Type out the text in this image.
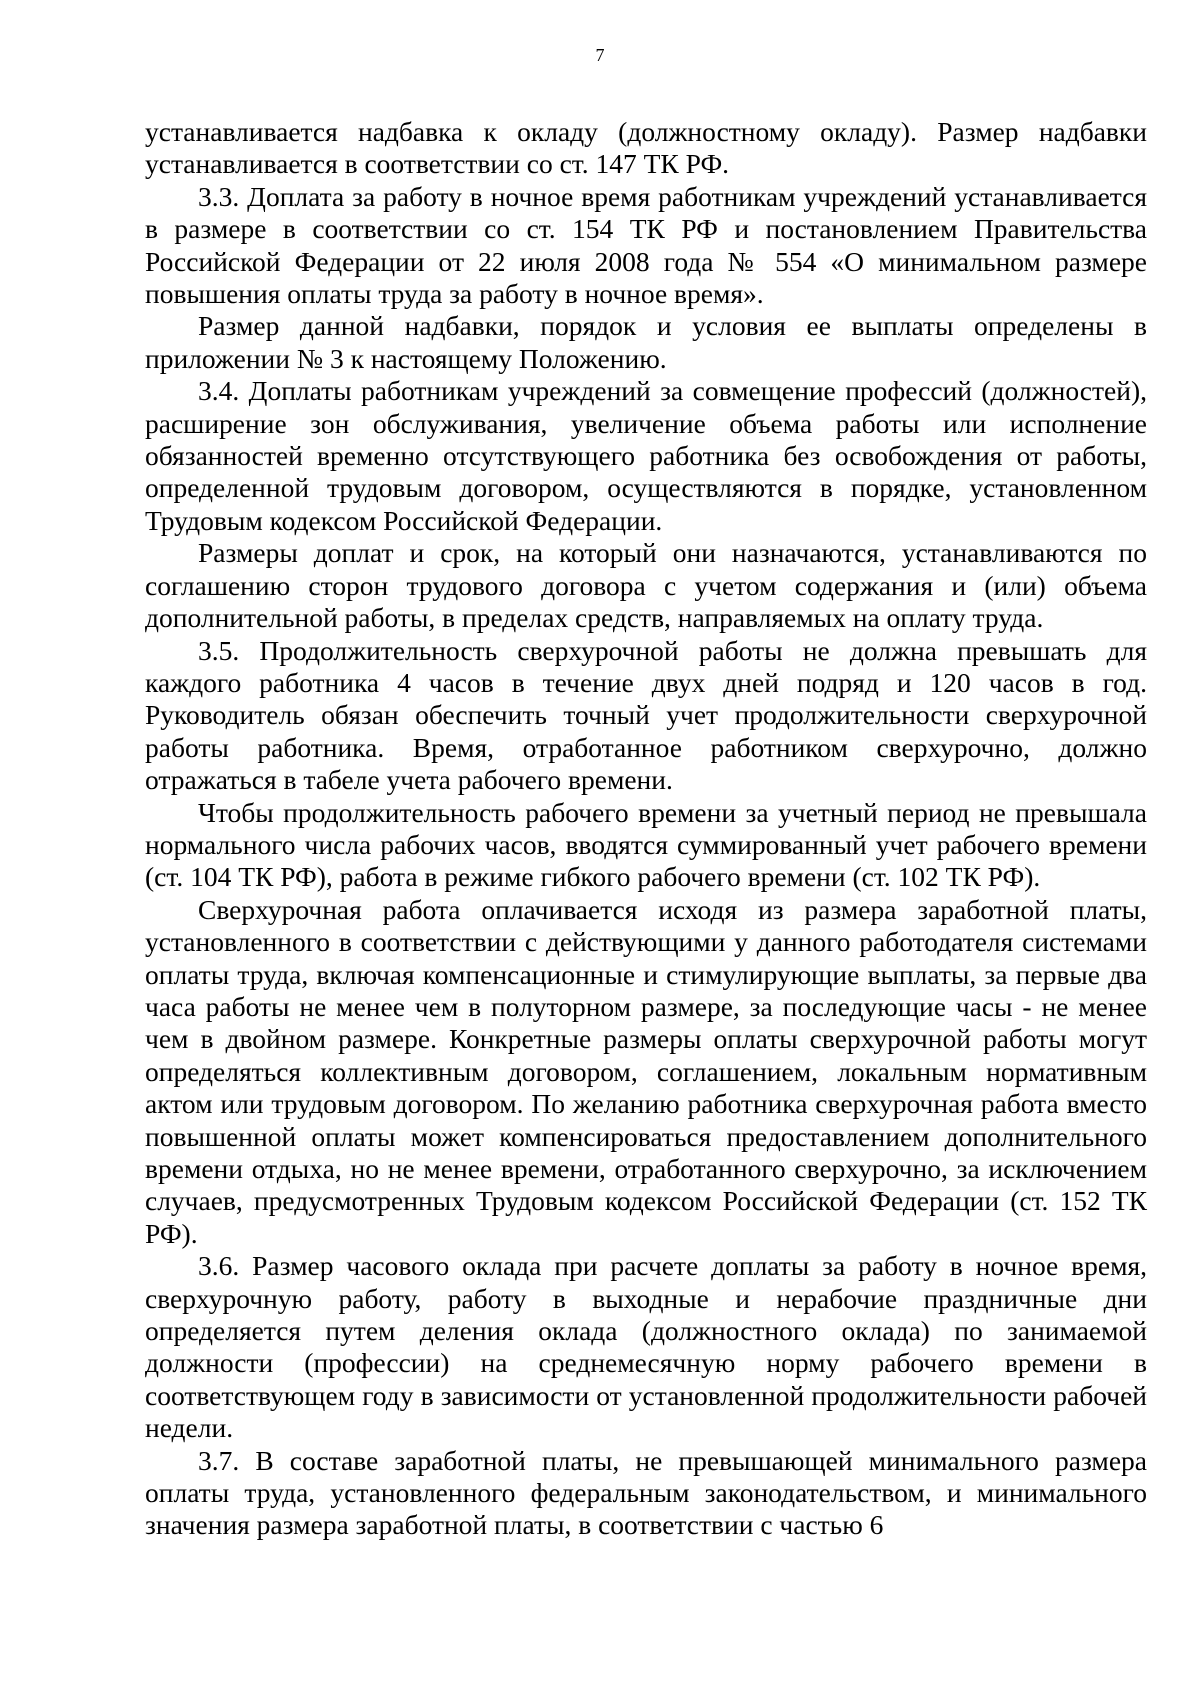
7

устанавливается надбавка к окладу (должностному окладу). Размер надбавки устанавливается в соответствии со ст. 147 ТК РФ.

3.3. Доплата за работу в ночное время работникам учреждений устанавливается в размере в соответствии со ст. 154 ТК РФ и постановлением Правительства Российской Федерации от 22 июля 2008 года № 554 «О минимальном размере повышения оплаты труда за работу в ночное время».

Размер данной надбавки, порядок и условия ее выплаты определены в приложении № 3 к настоящему Положению.

3.4. Доплаты работникам учреждений за совмещение профессий (должностей), расширение зон обслуживания, увеличение объема работы или исполнение обязанностей временно отсутствующего работника без освобождения от работы, определенной трудовым договором, осуществляются в порядке, установленном Трудовым кодексом Российской Федерации.

Размеры доплат и срок, на который они назначаются, устанавливаются по соглашению сторон трудового договора с учетом содержания и (или) объема дополнительной работы, в пределах средств, направляемых на оплату труда.

3.5. Продолжительность сверхурочной работы не должна превышать для каждого работника 4 часов в течение двух дней подряд и 120 часов в год. Руководитель обязан обеспечить точный учет продолжительности сверхурочной работы работника. Время, отработанное работником сверхурочно, должно отражаться в табеле учета рабочего времени.

Чтобы продолжительность рабочего времени за учетный период не превышала нормального числа рабочих часов, вводятся суммированный учет рабочего времени (ст. 104 ТК РФ), работа в режиме гибкого рабочего времени (ст. 102 ТК РФ).

Сверхурочная работа оплачивается исходя из размера заработной платы, установленного в соответствии с действующими у данного работодателя системами оплаты труда, включая компенсационные и стимулирующие выплаты, за первые два часа работы не менее чем в полуторном размере, за последующие часы - не менее чем в двойном размере. Конкретные размеры оплаты сверхурочной работы могут определяться коллективным договором, соглашением, локальным нормативным актом или трудовым договором. По желанию работника сверхурочная работа вместо повышенной оплаты может компенсироваться предоставлением дополнительного времени отдыха, но не менее времени, отработанного сверхурочно, за исключением случаев, предусмотренных Трудовым кодексом Российской Федерации (ст. 152 ТК РФ).

3.6. Размер часового оклада при расчете доплаты за работу в ночное время, сверхурочную работу, работу в выходные и нерабочие праздничные дни определяется путем деления оклада (должностного оклада) по занимаемой должности (профессии) на среднемесячную норму рабочего времени в соответствующем году в зависимости от установленной продолжительности рабочей недели.

3.7. В составе заработной платы, не превышающей минимального размера оплаты труда, установленного федеральным законодательством, и минимального значения размера заработной платы, в соответствии с частью 6
